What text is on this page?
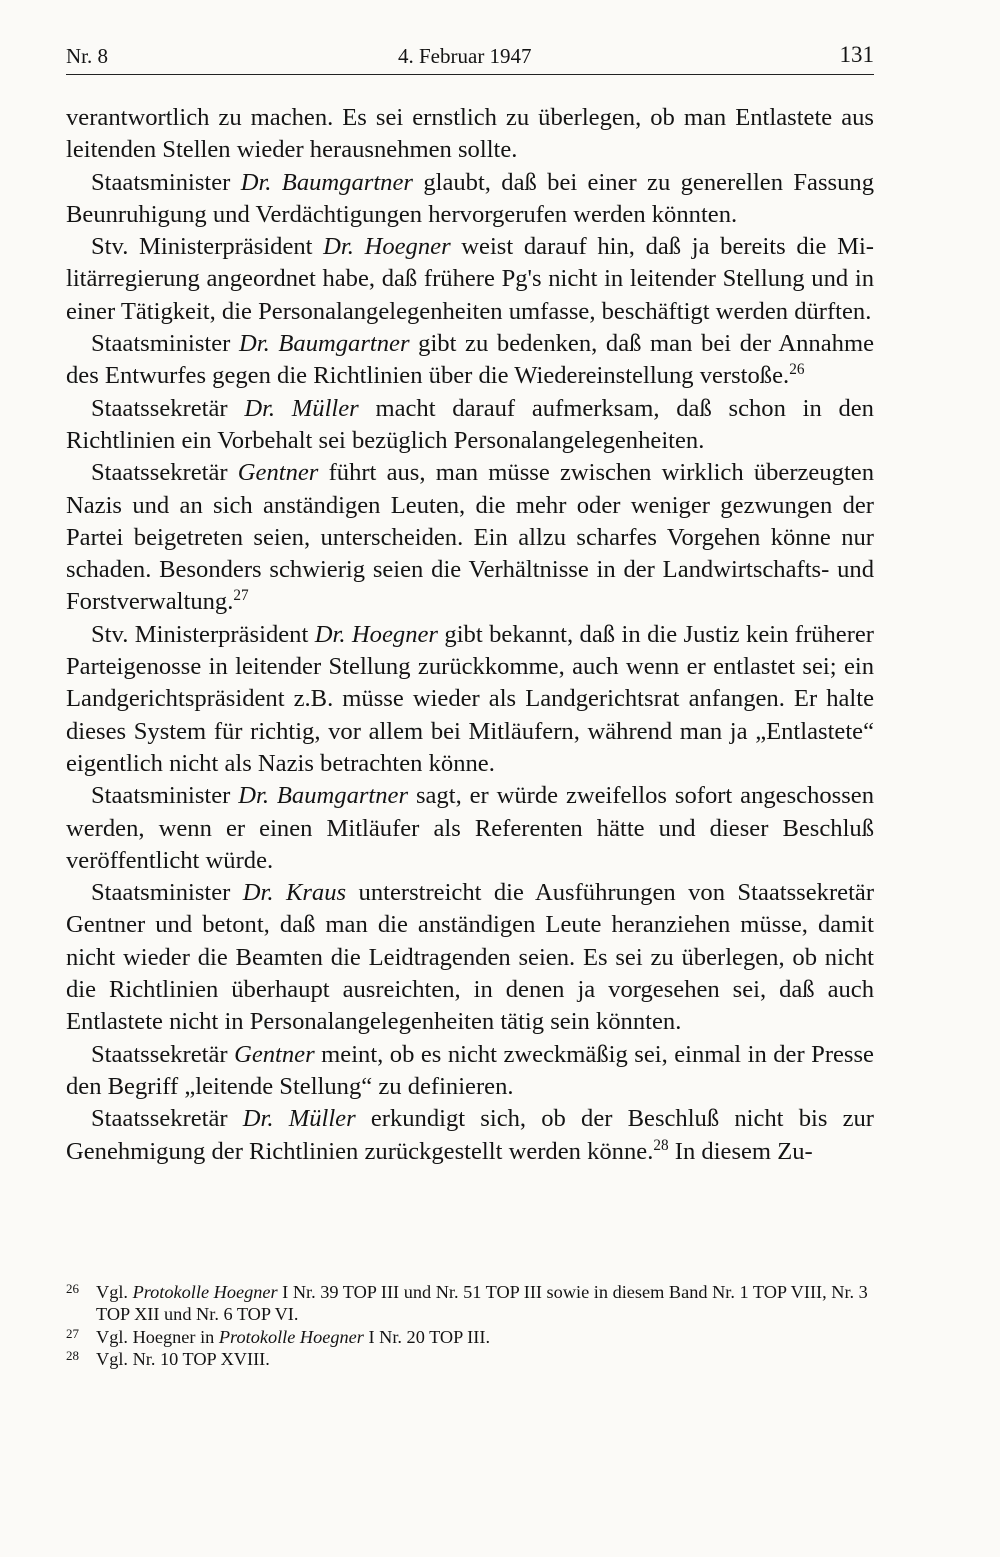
Nr. 8	4. Februar 1947	131

verantwortlich zu machen. Es sei ernstlich zu überlegen, ob man Entlastete aus leitenden Stellen wieder herausnehmen sollte.

Staatsminister Dr. Baumgartner glaubt, daß bei einer zu generellen Fassung Beunruhigung und Verdächtigungen hervorgerufen werden könnten.

Stv. Ministerpräsident Dr. Hoegner weist darauf hin, daß ja bereits die Militärregierung angeordnet habe, daß frühere Pg's nicht in leitender Stellung und in einer Tätigkeit, die Personalangelegenheiten umfasse, beschäftigt werden dürften.

Staatsminister Dr. Baumgartner gibt zu bedenken, daß man bei der Annahme des Entwurfes gegen die Richtlinien über die Wiedereinstellung verstoße.$^{26}$

Staatssekretär Dr. Müller macht darauf aufmerksam, daß schon in den Richtlinien ein Vorbehalt sei bezüglich Personalangelegenheiten.

Staatssekretär Gentner führt aus, man müsse zwischen wirklich überzeugten Nazis und an sich anständigen Leuten, die mehr oder weniger gezwungen der Partei beigetreten seien, unterscheiden. Ein allzu scharfes Vorgehen könne nur schaden. Besonders schwierig seien die Verhältnisse in der Landwirtschafts- und Forstverwaltung.$^{27}$

Stv. Ministerpräsident Dr. Hoegner gibt bekannt, daß in die Justiz kein früherer Parteigenosse in leitender Stellung zurückkomme, auch wenn er entlastet sei; ein Landgerichtspräsident z.B. müsse wieder als Landgerichtsrat anfangen. Er halte dieses System für richtig, vor allem bei Mitläufern, während man ja „Entlastete“ eigentlich nicht als Nazis betrachten könne.

Staatsminister Dr. Baumgartner sagt, er würde zweifellos sofort angeschossen werden, wenn er einen Mitläufer als Referenten hätte und dieser Beschluß veröffentlicht würde.

Staatsminister Dr. Kraus unterstreicht die Ausführungen von Staatssekretär Gentner und betont, daß man die anständigen Leute heranziehen müsse, damit nicht wieder die Beamten die Leidtragenden seien. Es sei zu überlegen, ob nicht die Richtlinien überhaupt ausreichten, in denen ja vorgesehen sei, daß auch Entlastete nicht in Personalangelegenheiten tätig sein könnten.

Staatssekretär Gentner meint, ob es nicht zweckmäßig sei, einmal in der Presse den Begriff „leitende Stellung“ zu definieren.

Staatssekretär Dr. Müller erkundigt sich, ob der Beschluß nicht bis zur Genehmigung der Richtlinien zurückgestellt werden könne.$^{28}$ In diesem Zu-

26 Vgl. Protokolle Hoegner I Nr. 39 TOP III und Nr. 51 TOP III sowie in diesem Band Nr. 1 TOP VIII, Nr. 3 TOP XII und Nr. 6 TOP VI.
27 Vgl. Hoegner in Protokolle Hoegner I Nr. 20 TOP III.
28 Vgl. Nr. 10 TOP XVIII.
